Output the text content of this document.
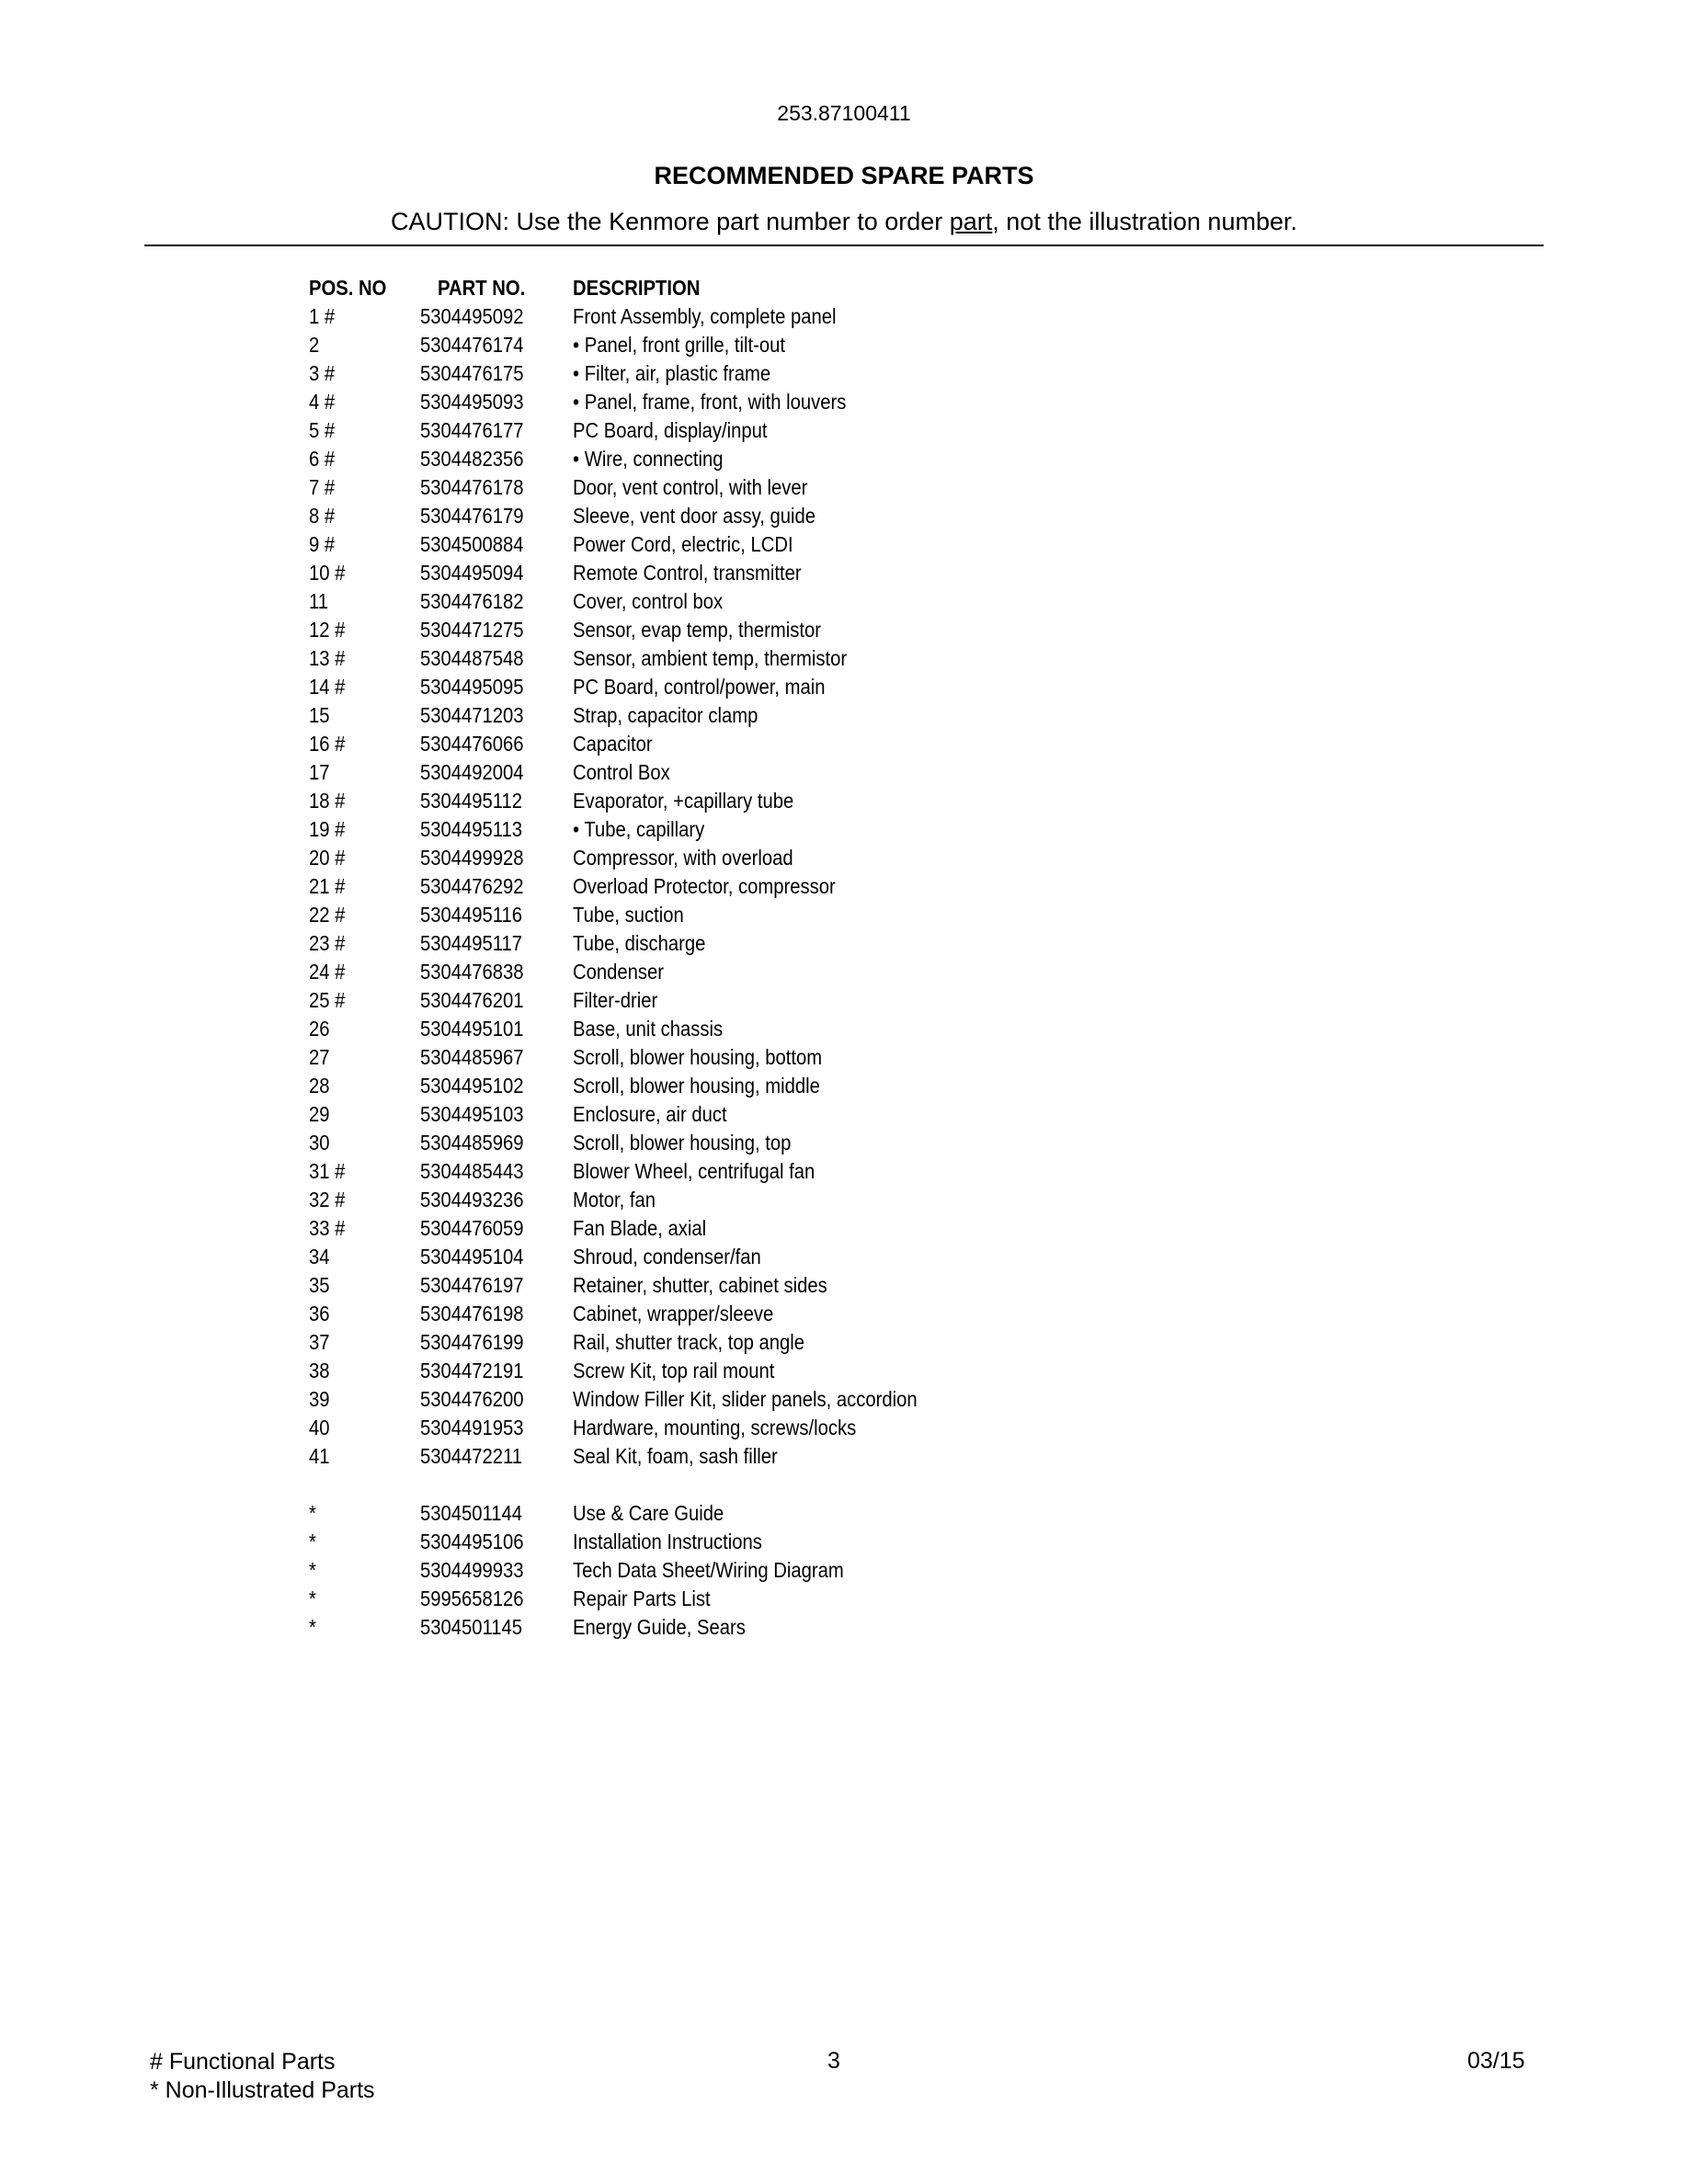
253.87100411
RECOMMENDED SPARE PARTS
CAUTION: Use the Kenmore part number to order part, not the illustration number.
POS. NO PART NO. DESCRIPTION
1 #	5304495092 Front Assembly, complete panel
2	5304476174 • Panel, front grille, tilt-out
3 #	5304476175 • Filter, air, plastic frame
4 #	5304495093 • Panel, frame, front, with louvers
5 #	5304476177 PC Board, display/input
6 #	5304482356 • Wire, connecting
7 #	5304476178 Door, vent control, with lever
8 #	5304476179 Sleeve, vent door assy, guide
9 #	5304500884 Power Cord, electric, LCDI
10 #	5304495094 Remote Control, transmitter
11	5304476182 Cover, control box
12 #	5304471275 Sensor, evap temp, thermistor
13 #	5304487548 Sensor, ambient temp, thermistor
14 #	5304495095 PC Board, control/power, main
15	5304471203 Strap, capacitor clamp
16 #	5304476066 Capacitor
17	5304492004 Control Box
18 #	5304495112 Evaporator, +capillary tube
19 #	5304495113 • Tube, capillary
20 #	5304499928 Compressor, with overload
21 #	5304476292 Overload Protector, compressor
22 #	5304495116 Tube, suction
23 #	5304495117 Tube, discharge
24 #	5304476838 Condenser
25 #	5304476201 Filter-drier
26	5304495101 Base, unit chassis
27	5304485967 Scroll, blower housing, bottom
28	5304495102 Scroll, blower housing, middle
29	5304495103 Enclosure, air duct
30	5304485969 Scroll, blower housing, top
31 #	5304485443 Blower Wheel, centrifugal fan
32 #	5304493236 Motor, fan
33 #	5304476059 Fan Blade, axial
34	5304495104 Shroud, condenser/fan
35	5304476197 Retainer, shutter, cabinet sides
36	5304476198 Cabinet, wrapper/sleeve
37	5304476199 Rail, shutter track, top angle
38	5304472191 Screw Kit, top rail mount
39	5304476200 Window Filler Kit, slider panels, accordion
40	5304491953 Hardware, mounting, screws/locks
41	5304472211 Seal Kit, foam, sash filler
*	5304501144 Use & Care Guide
*	5304495106 Installation Instructions
*	5304499933 Tech Data Sheet/Wiring Diagram
*	5995658126 Repair Parts List
*	5304501145 Energy Guide, Sears
# Functional Parts
* Non-Illustrated Parts
3	03/15
